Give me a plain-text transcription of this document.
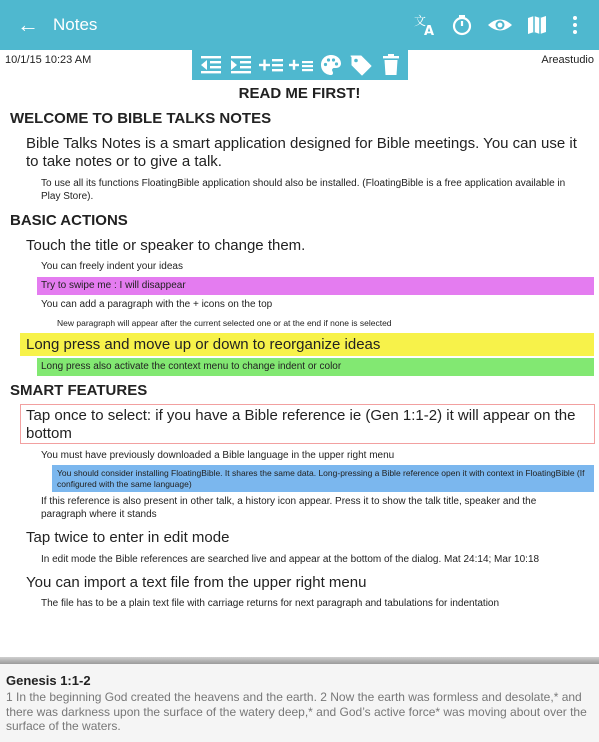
← Notes	文
A
10/1/15 10:23 AM	Areastudio
READ ME FIRST!
WELCOME TO BIBLE TALKS NOTES
Bible Talks Notes is a smart application designed for Bible meetings. You can use it to take notes or to give a talk.
To use all its functions FloatingBible application should also be installed. (FloatingBible is a free application available in Play Store).
BASIC ACTIONS
Touch the title or speaker to change them.
You can freely indent your ideas
Try to swipe me : I will disappear
You can add a paragraph with the + icons on the top
New paragraph will appear after the current selected one or at the end if none is selected
Long press and move up or down to reorganize ideas
Long press also activate the context menu to change indent or color
SMART FEATURES
Tap once to select: if you have a Bible reference ie (Gen 1:1-2) it will appear on the bottom
You must have previously downloaded a Bible language in the upper right menu
You should consider installing FloatingBible. It shares the same data. Long-pressing a Bible reference open it with context in FloatingBible (If configured with the same language)
If this reference is also present in other talk, a history icon appear. Press it to show the talk title, speaker and the paragraph where it stands
Tap twice to enter in edit mode
In edit mode the Bible references are searched live and appear at the bottom of the dialog. Mat 24:14; Mar 10:18
You can import a text file from the upper right menu
The file has to be a plain text file with carriage returns for next paragraph and tabulations for indentation
Genesis 1:1-2
1 In the beginning God created the heavens and the earth. 2 Now the earth was formless and desolate,* and there was darkness upon the surface of the watery deep,* and God’s active force* was moving about over the surface of the waters.
